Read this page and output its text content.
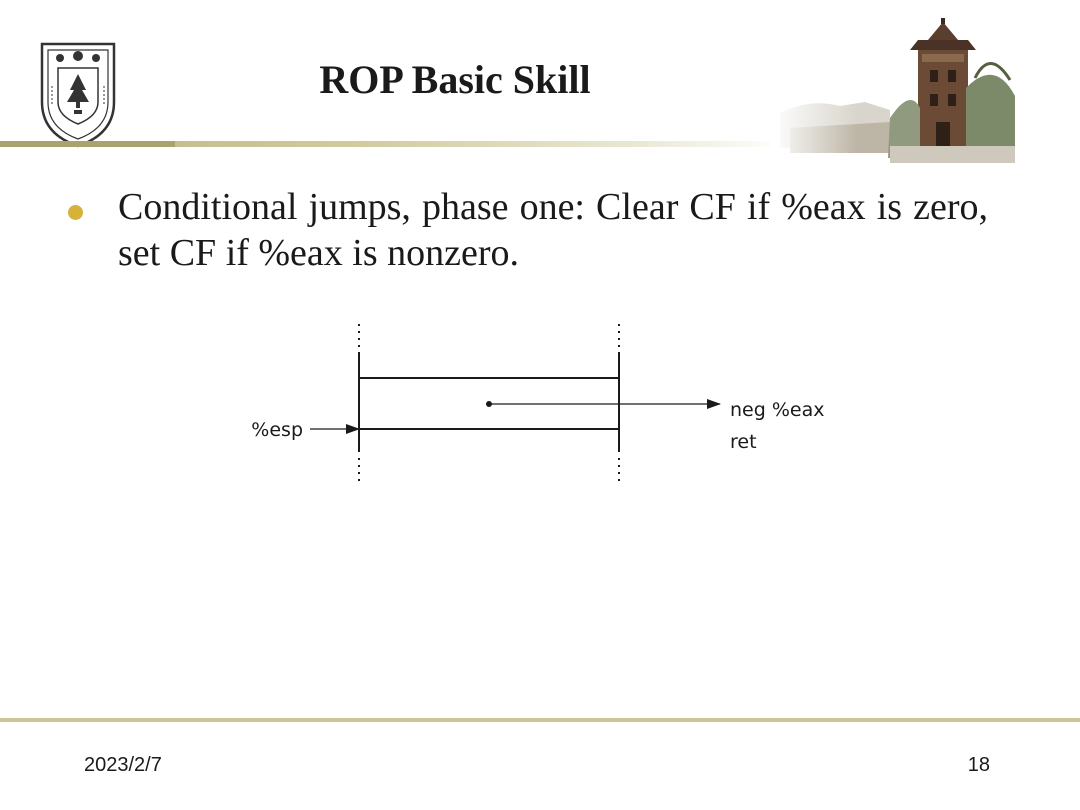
ROP Basic Skill
Conditional jumps, phase one: Clear CF if %eax is zero, set CF if %eax is nonzero.
%esp
neg %eax
ret
2023/2/7	18
